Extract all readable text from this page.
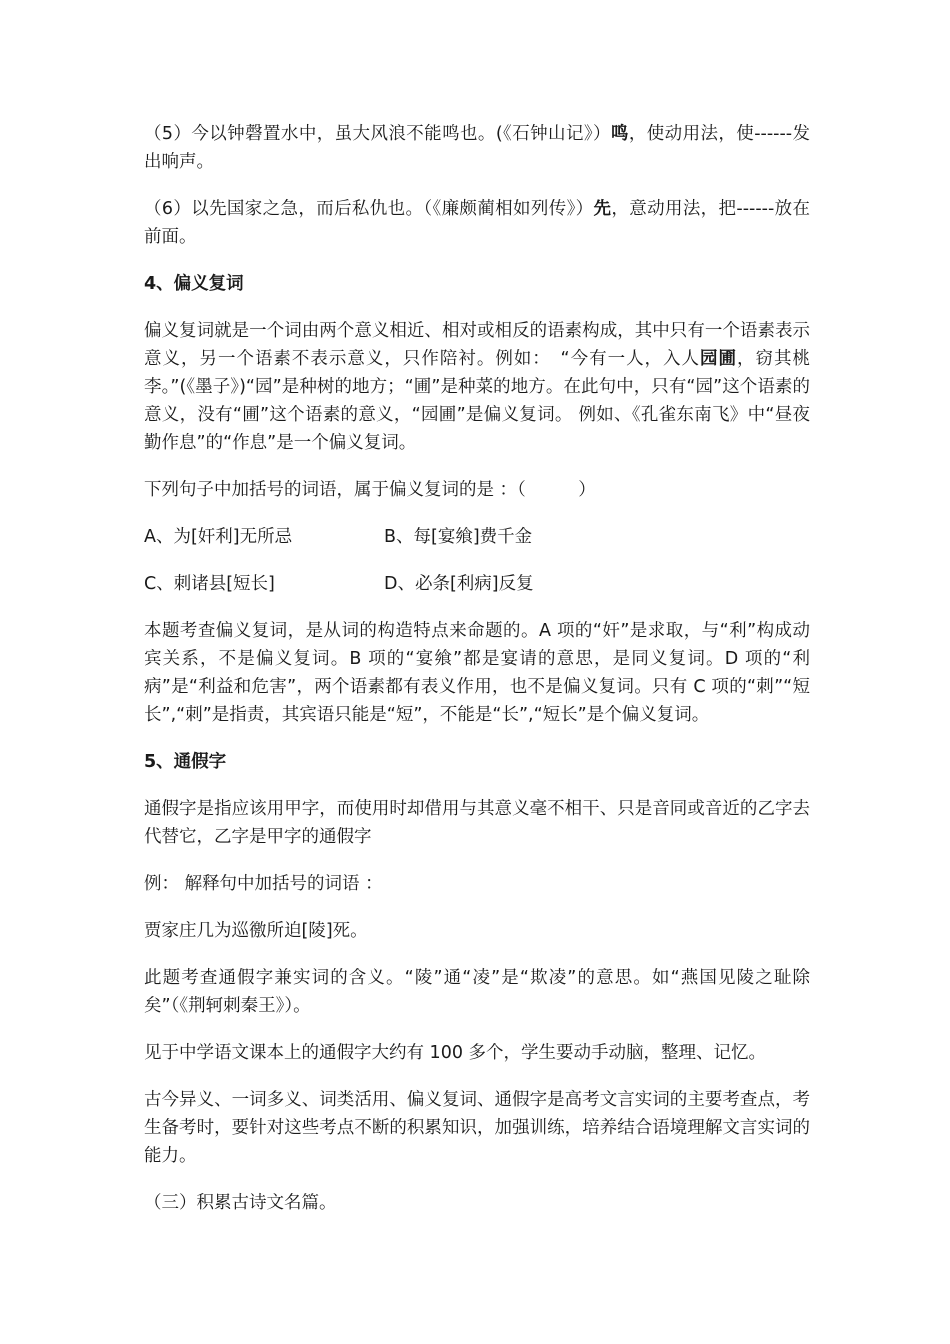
（5）今以钟磬置水中，虽大风浪不能鸣也。(《石钟山记》）鸣，使动用法，使------发出响声。

（6）以先国家之急，而后私仇也。（《廉颇蔺相如列传》）先，意动用法，把------放在前面。

4、偏义复词

偏义复词就是一个词由两个意义相近、相对或相反的语素构成，其中只有一个语素表示意义，另一个语素不表示意义，只作陪衬。例如：　“今有一人，入人园圃，窃其桃李。”(《墨子》)“园”是种树的地方；“圃”是种菜的地方。在此句中，只有“园”这个语素的意义，没有“圃”这个语素的意义，“园圃”是偏义复词。 例如、《孔雀东南飞》中“昼夜勤作息”的“作息”是一个偏义复词。

下列句子中加括号的词语，属于偏义复词的是 ：（　　　）

A、为[奸利]无所忌	B、每[宴飨]费千金
C、刺诸县[短长]	D、必条[利病]反复

本题考查偏义复词，是从词的构造特点来命题的。A 项的“奸”是求取，与“利”构成动宾关系，不是偏义复词。B 项的“宴飨”都是宴请的意思，是同义复词。D 项的“利病”是“利益和危害”，两个语素都有表义作用，也不是偏义复词。只有 C 项的“刺”“短长”,“刺”是指责，其宾语只能是“短”，不能是“长”,“短长”是个偏义复词。

5、通假字

通假字是指应该用甲字，而使用时却借用与其意义毫不相干、只是音同或音近的乙字去代替它，乙字是甲字的通假字

例： 解释句中加括号的词语 ：

贾家庄几为巡徼所迫[陵]死。

此题考查通假字兼实词的含义。“陵”通“凌”是“欺凌”的意思。如“燕国见陵之耻除矣”（《荆轲刺秦王》）。

见于中学语文课本上的通假字大约有 100 多个，学生要动手动脑，整理、记忆。

古今异义、一词多义、词类活用、偏义复词、通假字是高考文言实词的主要考查点，考生备考时，要针对这些考点不断的积累知识，加强训练，培养结合语境理解文言实词的能力。

（三）积累古诗文名篇。
